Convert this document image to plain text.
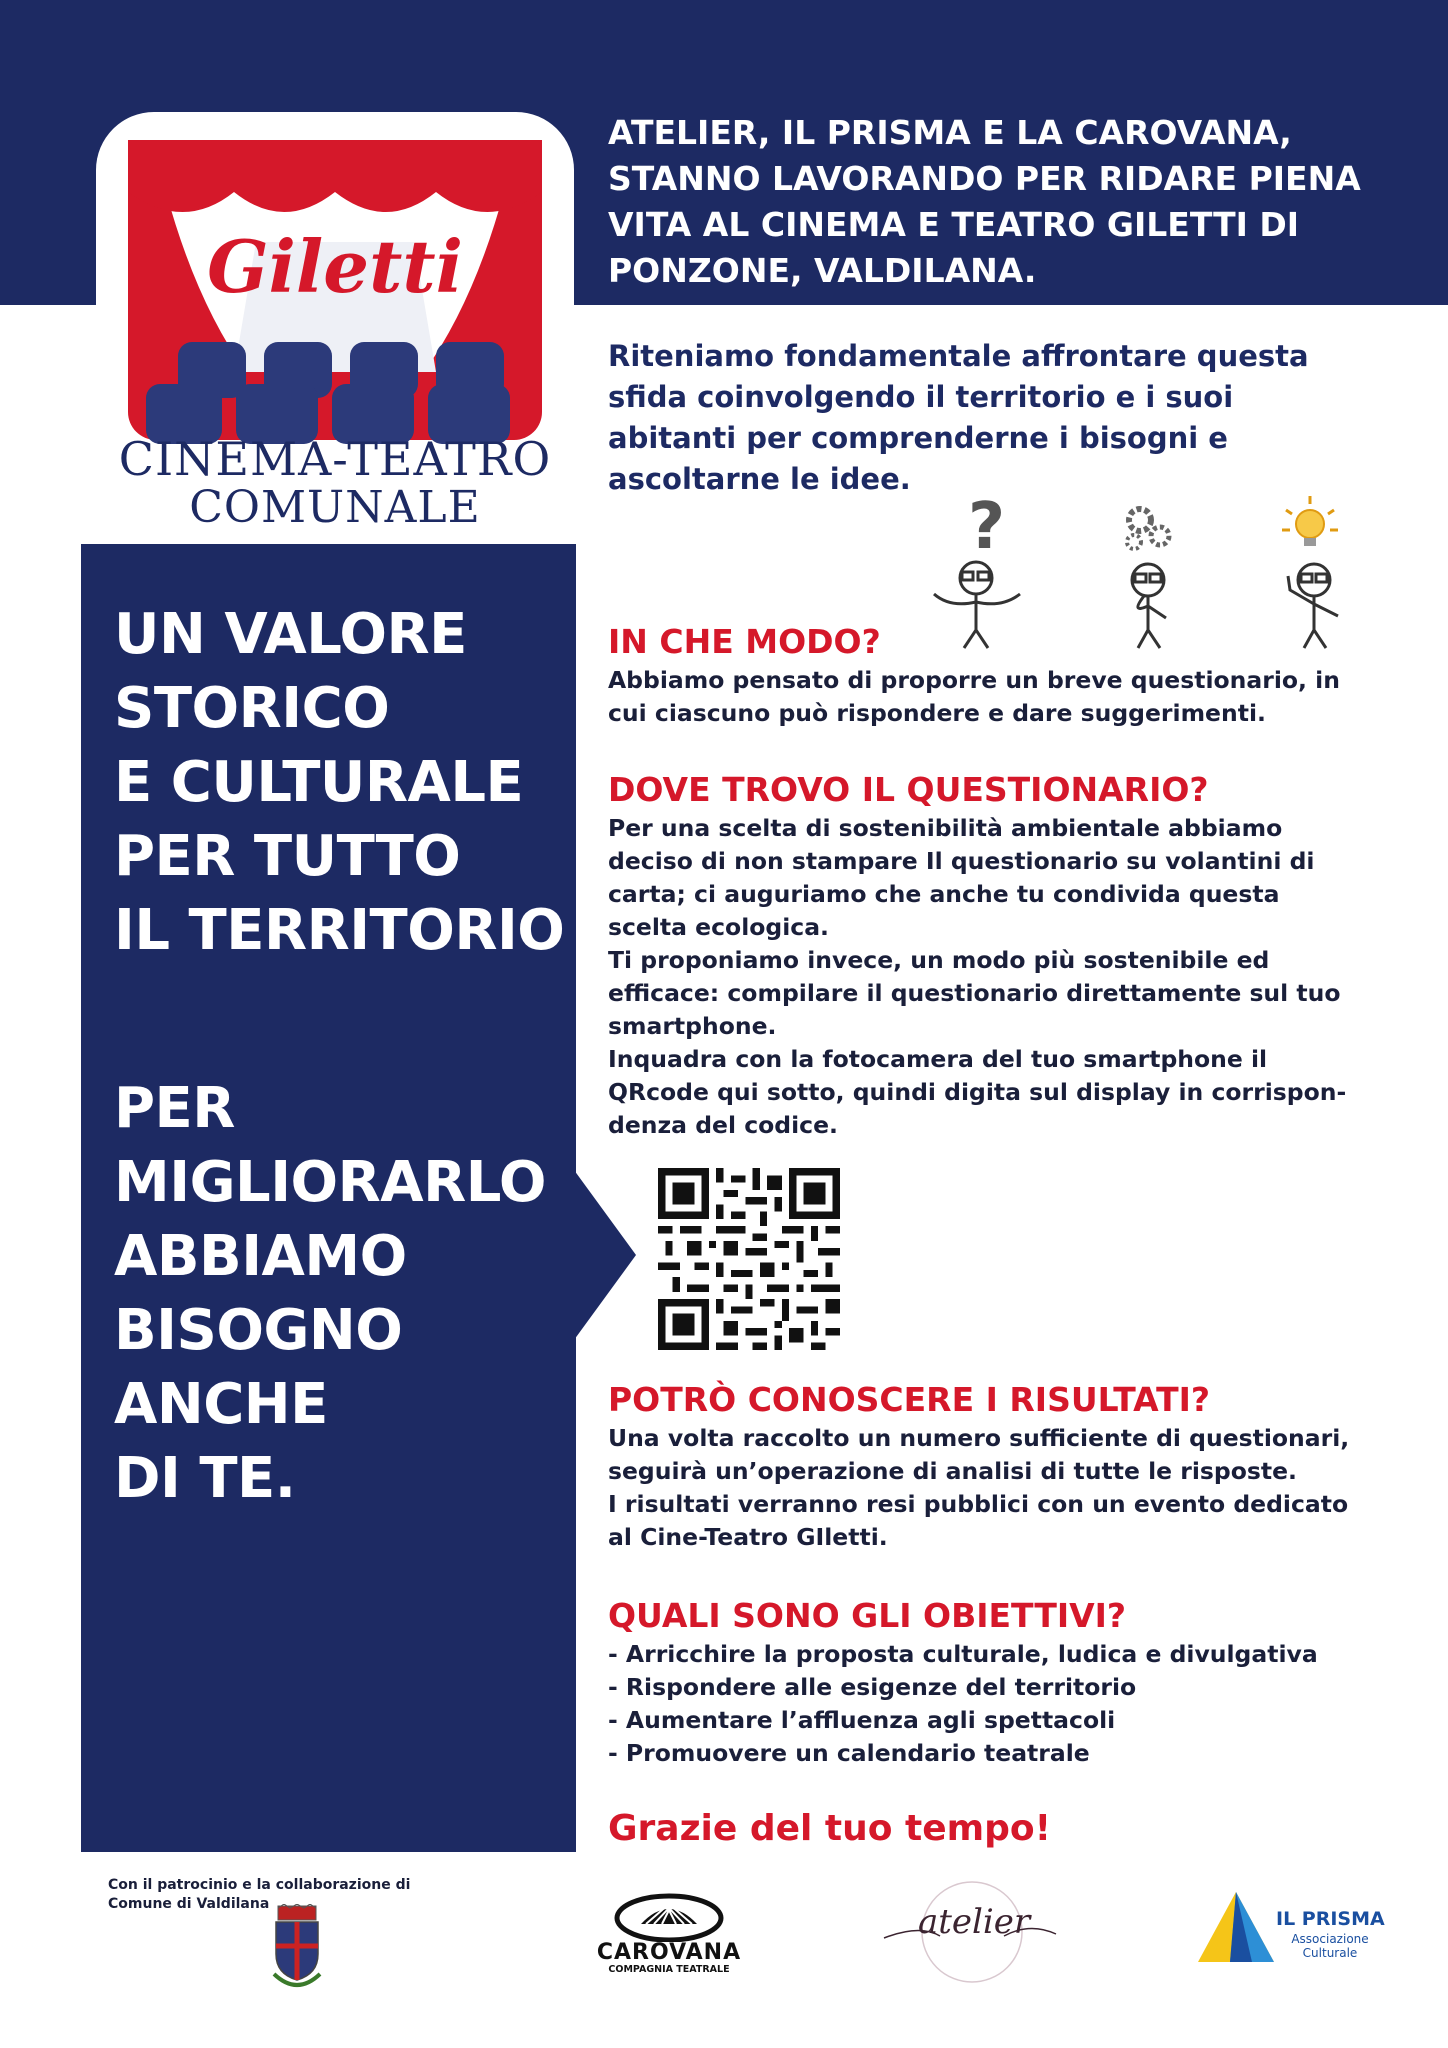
Giletti
CINEMA-TEATRO
COMUNALE

ATELIER, IL PRISMA E LA CAROVANA, STANNO LAVORANDO PER RIDARE PIENA VITA AL CINEMA E TEATRO GILETTI DI PONZONE, VALDILANA.

Riteniamo fondamentale affrontare questa sfida coinvolgendo il territorio e i suoi abitanti per comprenderne i bisogni e ascoltarne le idee.

?
UN VALORE
STORICO
E CULTURALE
PER TUTTO
IL TERRITORIO
PER
MIGLIORARLO
ABBIAMO
BISOGNO
ANCHE
DI TE.
IN CHE MODO?
Abbiamo pensato di proporre un breve questionario, in
cui ciascuno può rispondere e dare suggerimenti.
DOVE TROVO IL QUESTIONARIO?
Per una scelta di sostenibilità ambientale abbiamo
deciso di non stampare Il questionario su volantini di
carta; ci auguriamo che anche tu condivida questa
scelta ecologica.
Ti proponiamo invece, un modo più sostenibile ed
efficace: compilare il questionario direttamente sul tuo
smartphone.
Inquadra con la fotocamera del tuo smartphone il
QRcode qui sotto, quindi digita sul display in corrispon-
denza del codice.
POTRÒ CONOSCERE I RISULTATI?
Una volta raccolto un numero sufficiente di questionari,
seguirà un’operazione di analisi di tutte le risposte.
I risultati verranno resi pubblici con un evento dedicato
al Cine-Teatro GIletti.
QUALI SONO GLI OBIETTIVI?
- Arricchire la proposta culturale, ludica e divulgativa
- Rispondere alle esigenze del territorio
- Aumentare l’affluenza agli spettacoli
- Promuovere un calendario teatrale

Grazie del tuo tempo!

Con il patrocinio e la collaborazione di
Comune di Valdilana
CAROVANA
COMPAGNIA TEATRALE
atelier	IL PRISMA
Associazione
Culturale
